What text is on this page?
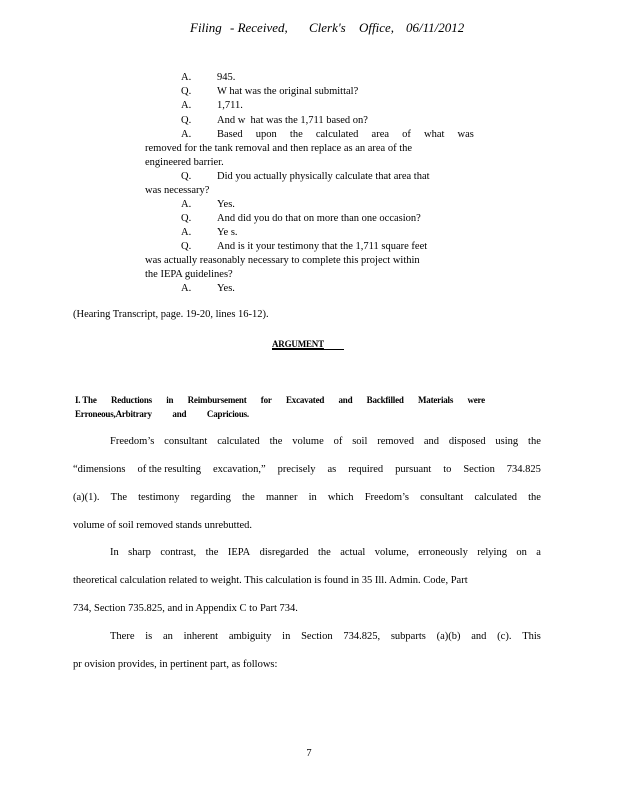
Filing - Received, Clerk's Office, 06/11/2012
A. 945.
Q. W hat was the original submittal?
A. 1,711.
Q. And w  hat was the 1,711 based on?
A. Based     upon     the     calculated     area     of     what     was
removed for the tank removal and then replace as an area of the
engineered barrier.
Q. Did you actually physically calculate that area that
was necessary?
A. Yes.
Q. And did you do that on more than one occasion?
A. Ye s.
Q. And is it your testimony that the 1,711 square feet
was actually reasonably necessary to complete this project within
the IEPA guidelines?
A. Yes.
(Hearing Transcript, page. 19-20, lines 16-12).
ARGUMENT
I. The Reductions in Reimbursement for Excavated and Backfilled Materials were
Erroneous,Arbitrary and Capricious.
Freedom’s consultant calculated the volume of soil removed and disposed using the
“dimensions of the resulting excavation,” precisely as required pursuant to Section 734.825
(a)(1). The testimony regarding the manner in which Freedom’s consultant calculated the
volume of soil removed stands unrebutted.
In sharp contrast, the IEPA disregarded the actual volume, erroneously relying on a
theoretical calculation related to weight. This calculation is found in 35 Ill. Admin. Code, Part
734, Section 735.825, and in Appendix C to Part 734.
There is an inherent ambiguity in Section 734.825, subparts (a)(b) and (c). This
pr ovision provides, in pertinent part, as follows:
7
